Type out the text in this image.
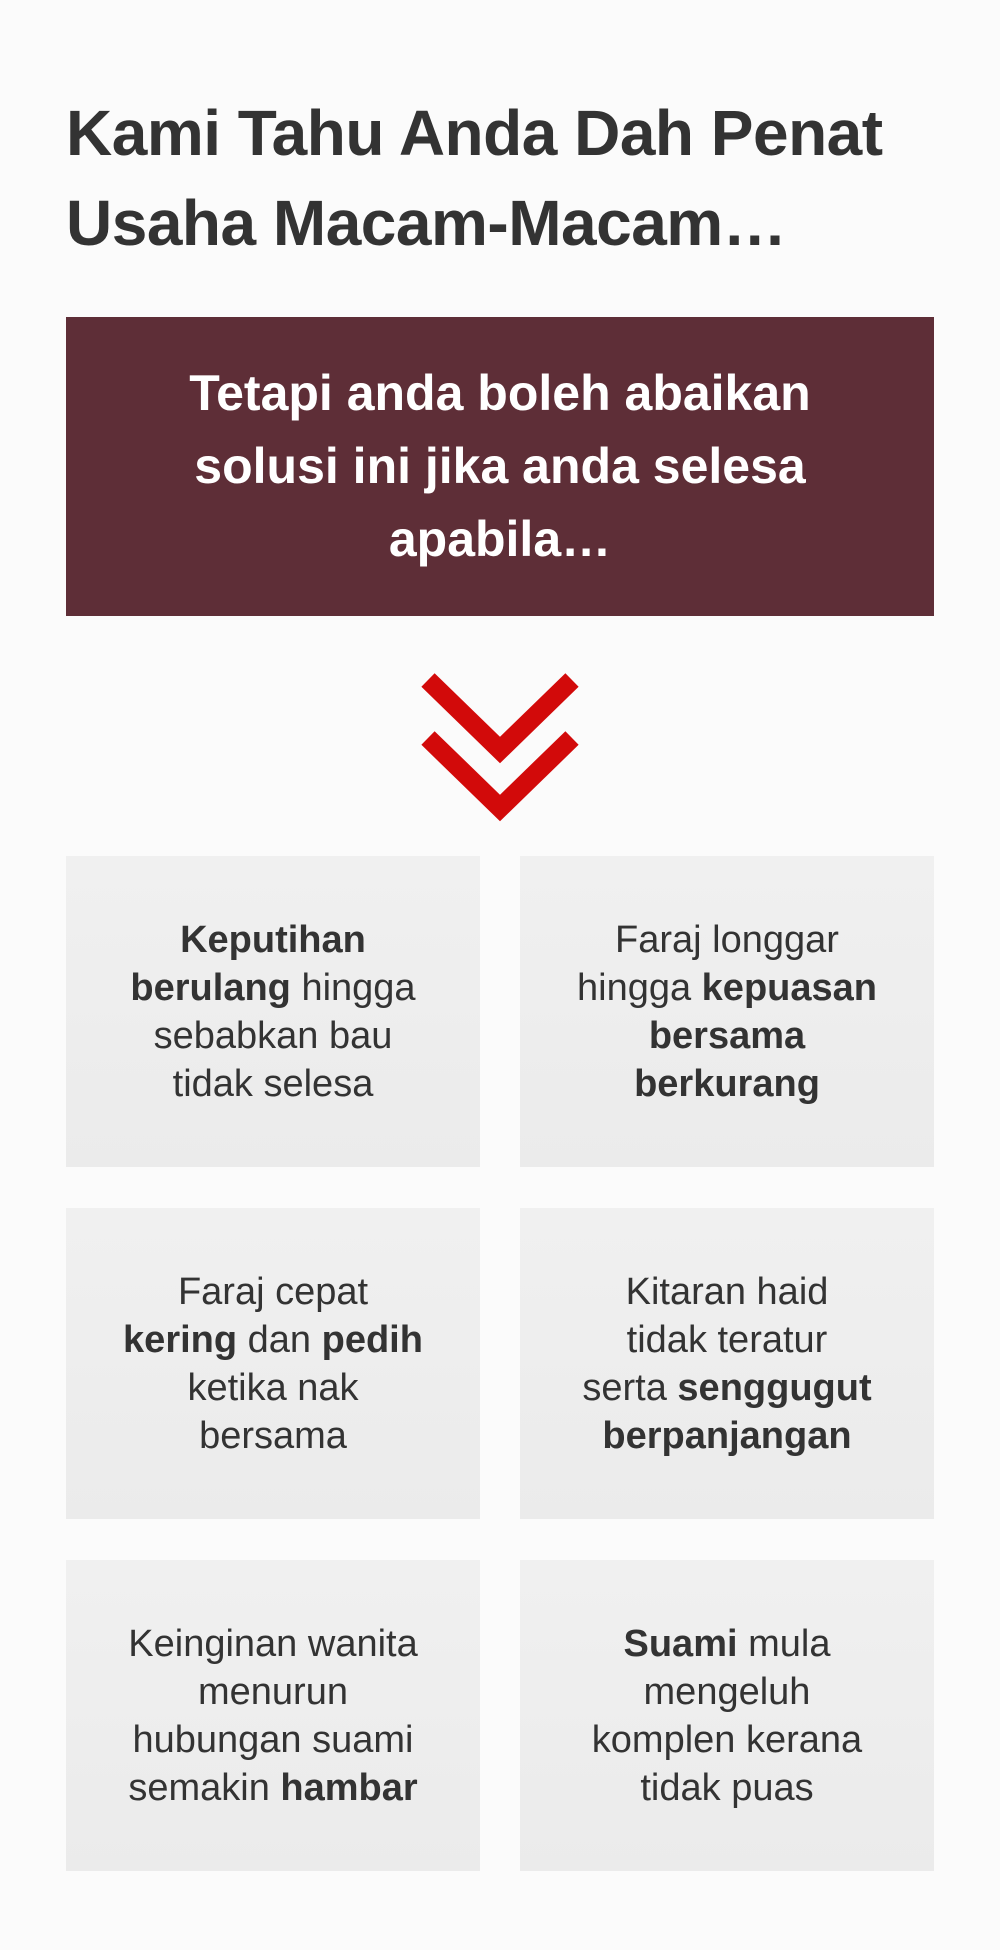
Kami Tahu Anda Dah Penat
Usaha Macam-Macam…

Tetapi anda boleh abaikan
solusi ini jika anda selesa
apabila…

Keputihan
berulang hingga
sebabkan bau
tidak selesa

Faraj longgar
hingga kepuasan
bersama
berkurang

Faraj cepat
kering dan pedih
ketika nak
bersama

Kitaran haid
tidak teratur
serta senggugut
berpanjangan

Keinginan wanita
menurun
hubungan suami
semakin hambar

Suami mula
mengeluh
komplen kerana
tidak puas
